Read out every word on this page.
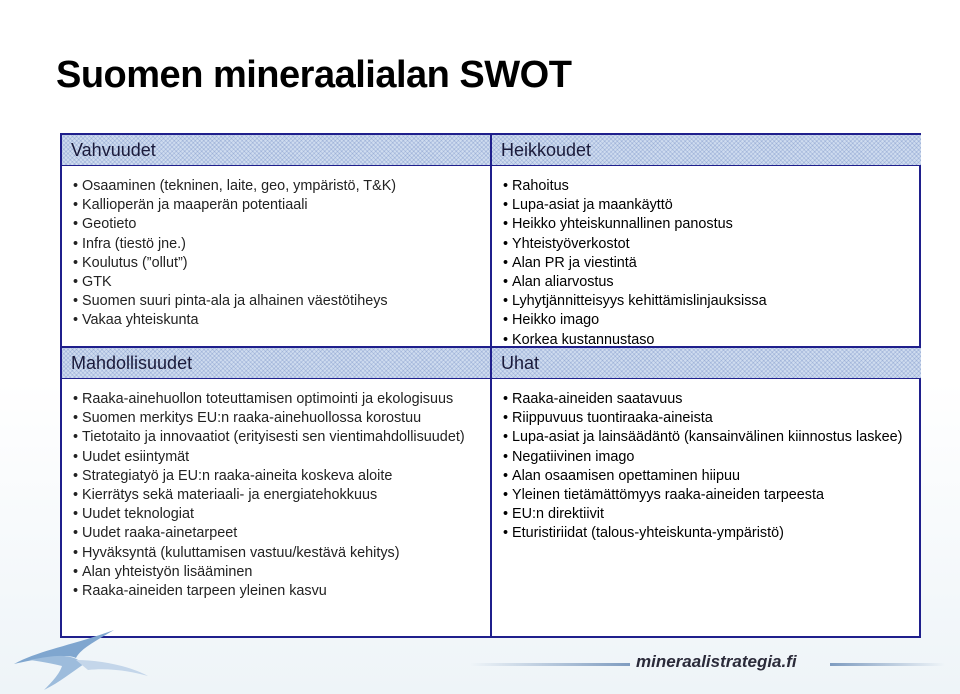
Suomen mineraalialan SWOT
Vahvuudet
• Osaaminen (tekninen, laite, geo, ympäristö, T&K)
• Kallioperän ja maaperän potentiaali
• Geotieto
• Infra (tiestö jne.)
• Koulutus (”ollut”)
• GTK
• Suomen suuri pinta-ala ja alhainen väestötiheys
• Vakaa yhteiskunta
Heikkoudet
• Rahoitus
• Lupa-asiat ja maankäyttö
• Heikko yhteiskunnallinen panostus
• Yhteistyöverkostot
• Alan PR ja viestintä
• Alan aliarvostus
• Lyhytjännitteisyys kehittämislinjauksissa
• Heikko imago
• Korkea kustannustaso
Mahdollisuudet
• Raaka-ainehuollon toteuttamisen optimointi ja ekologisuus
• Suomen merkitys EU:n raaka-ainehuollossa korostuu
• Tietotaito ja innovaatiot (erityisesti sen vientimahdollisuudet)
• Uudet esiintymät
• Strategiatyö ja EU:n raaka-aineita koskeva aloite
• Kierrätys sekä materiaali- ja energiatehokkuus
• Uudet teknologiat
• Uudet raaka-ainetarpeet
• Hyväksyntä (kuluttamisen vastuu/kestävä kehitys)
• Alan yhteistyön lisääminen
• Raaka-aineiden tarpeen yleinen kasvu
Uhat
• Raaka-aineiden saatavuus
• Riippuvuus tuontiraaka-aineista
• Lupa-asiat ja lainsäädäntö (kansainvälinen kiinnostus laskee)
• Negatiivinen imago
• Alan osaamisen opettaminen hiipuu
• Yleinen tietämättömyys raaka-aineiden tarpeesta
• EU:n direktiivit
• Eturistiriidat (talous-yhteiskunta-ympäristö)
mineraalistrategia.fi
